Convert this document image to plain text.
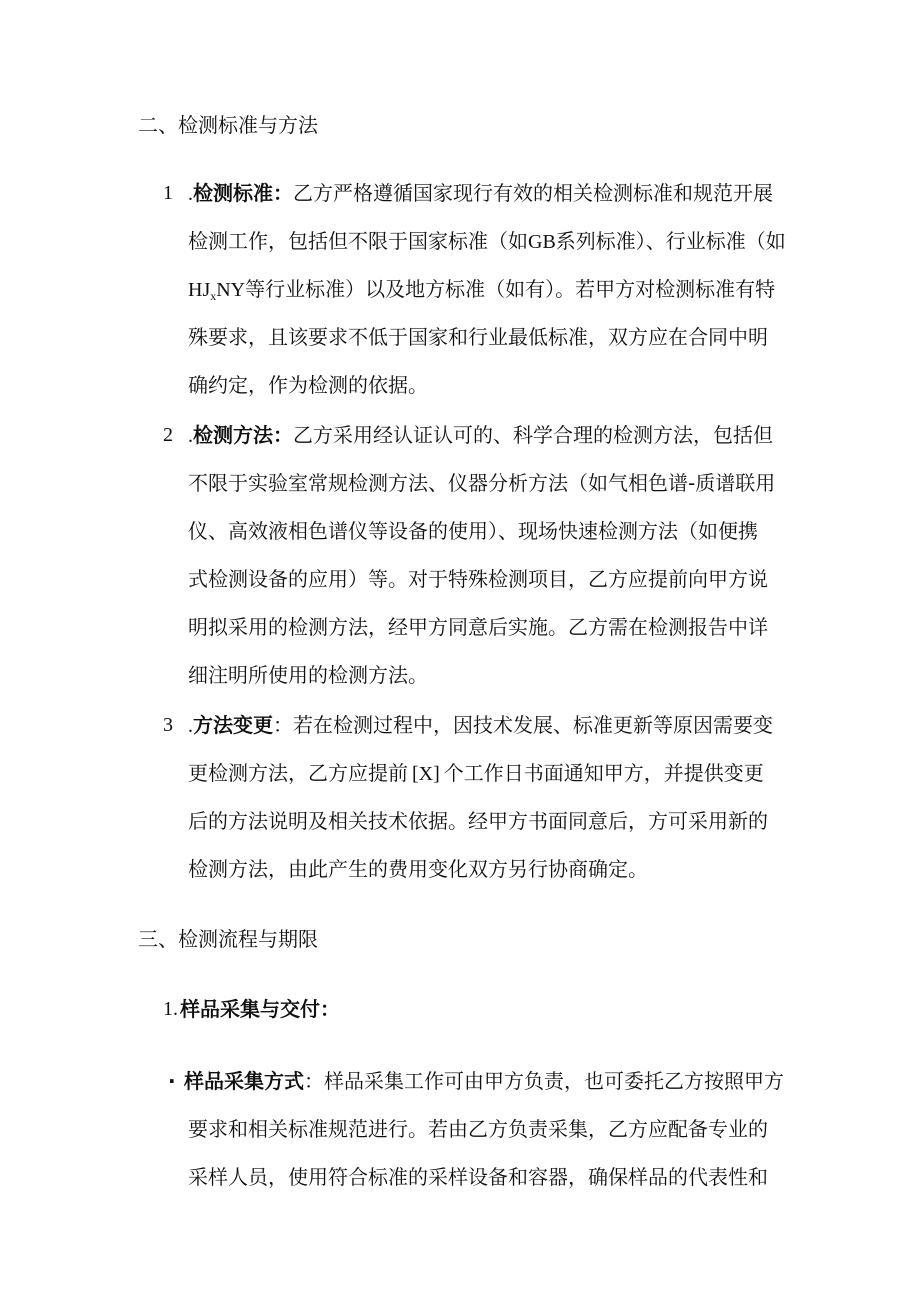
二、检测标准与方法
1 .检测标准：乙方严格遵循国家现行有效的相关检测标准和规范开展
检测工作，包括但不限于国家标准（如GB系列标准）、行业标准（如
$HJ_xNY$等行业标准）以及地方标准（如有）。若甲方对检测标准有特
殊要求，且该要求不低于国家和行业最低标准，双方应在合同中明
确约定，作为检测的依据。
2 .检测方法：乙方采用经认证认可的、科学合理的检测方法，包括但
不限于实验室常规检测方法、仪器分析方法（如气相色谱-质谱联用
仪、高效液相色谱仪等设备的使用）、现场快速检测方法（如便携
式检测设备的应用）等。对于特殊检测项目，乙方应提前向甲方说
明拟采用的检测方法，经甲方同意后实施。乙方需在检测报告中详
细注明所使用的检测方法。
3 .方法变更：若在检测过程中，因技术发展、标准更新等原因需要变
更检测方法，乙方应提前 [X] 个工作日书面通知甲方，并提供变更
后的方法说明及相关技术依据。经甲方书面同意后，方可采用新的
检测方法，由此产生的费用变化双方另行协商确定。
三、检测流程与期限
1. 样品采集与交付：
· 样品采集方式：样品采集工作可由甲方负责，也可委托乙方按照甲方
要求和相关标准规范进行。若由乙方负责采集，乙方应配备专业的
采样人员，使用符合标准的采样设备和容器，确保样品的代表性和
